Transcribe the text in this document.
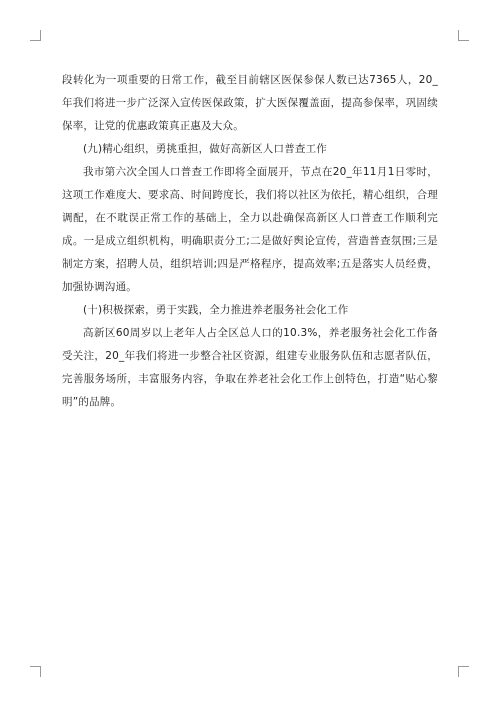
段转化为一项重要的日常工作，截至目前辖区医保参保人数已达7365人，20_年我们将进一步广泛深入宣传医保政策，扩大医保覆盖面，提高参保率，巩固续保率，让党的优惠政策真正惠及大众。

(九)精心组织，勇挑重担，做好高新区人口普查工作

我市第六次全国人口普查工作即将全面展开，节点在20_年11月1日零时，这项工作难度大、要求高、时间跨度长，我们将以社区为依托，精心组织，合理调配，在不耽误正常工作的基础上，全力以赴确保高新区人口普查工作顺利完成。一是成立组织机构，明确职责分工;二是做好舆论宣传，营造普查氛围;三是制定方案，招聘人员，组织培训;四是严格程序，提高效率;五是落实人员经费，加强协调沟通。

(十)积极探索，勇于实践，全力推进养老服务社会化工作

高新区60周岁以上老年人占全区总人口的10.3%，养老服务社会化工作备受关注，20_年我们将进一步整合社区资源，组建专业服务队伍和志愿者队伍，完善服务场所，丰富服务内容，争取在养老社会化工作上创特色，打造“贴心黎明”的品牌。
